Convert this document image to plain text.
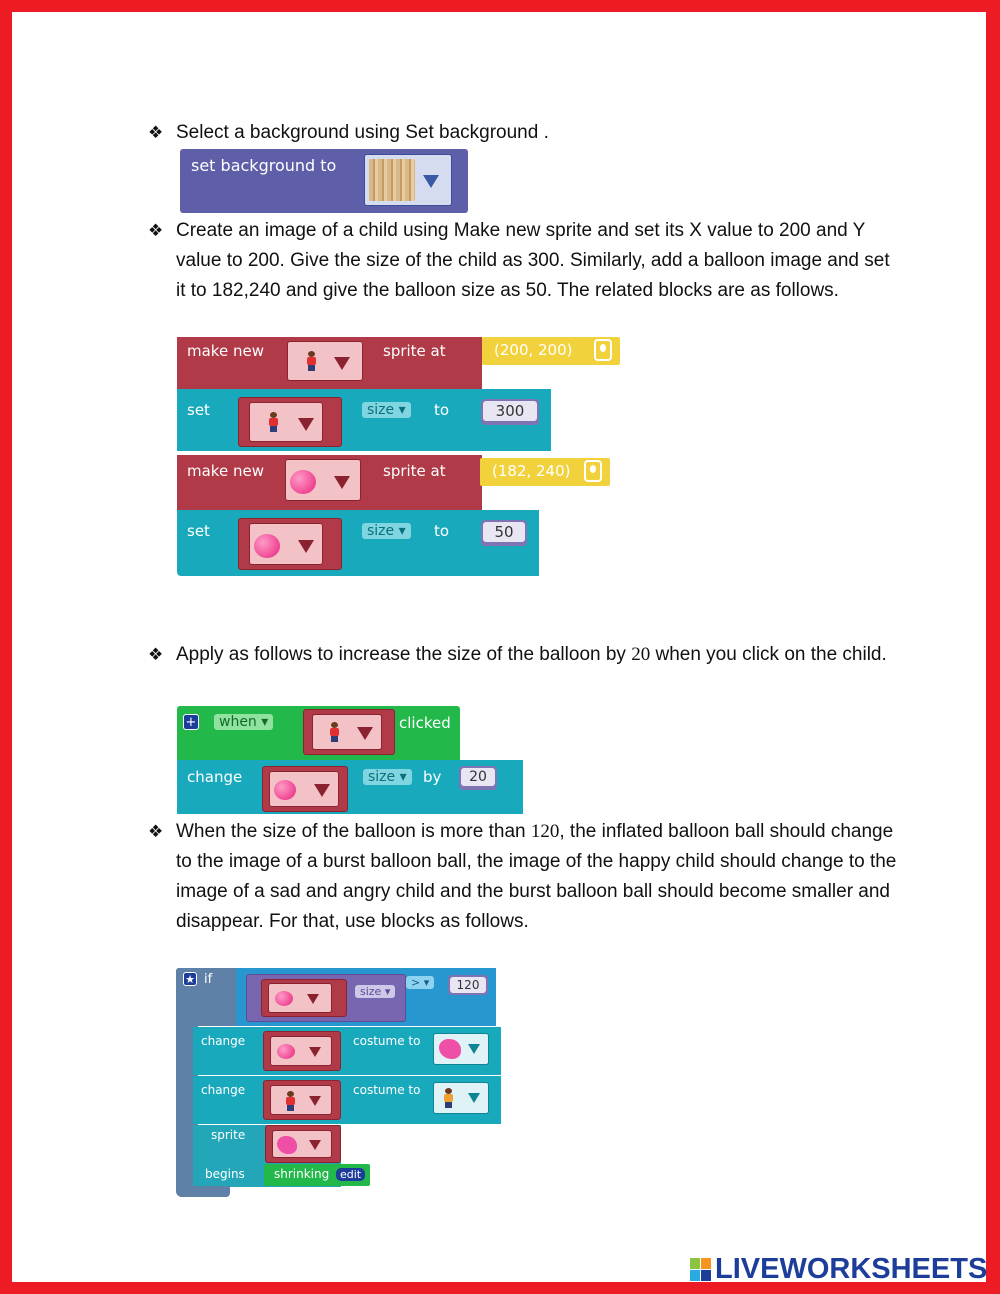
❖ Select a background using Set background .
set background to
❖ Create an image of a child using Make new sprite and set its X value to 200 and Y value to 200. Give the size of the child as 300. Similarly, add a balloon image and set it to 182,240 and give the balloon size as 50. The related blocks are as follows.
make new	sprite at	(200, 200)
set	size ▾	to	300
make new	sprite at	(182, 240)
set	size ▾	to	50
❖ Apply as follows to increase the size of the balloon by 20 when you click on the child.
+	when ▾	clicked
change	size ▾	by	20
❖ When the size of the balloon is more than 120, the inflated balloon ball should change to the image of a burst balloon ball, the image of the happy child should change to the image of a sad and angry child and the burst balloon ball should become smaller and disappear. For that, use blocks as follows.
★ if
size ▾
> ▾	120
change	costume to
change	costume to
sprite
begins shrinking edit
LIVEWORKSHEETS
